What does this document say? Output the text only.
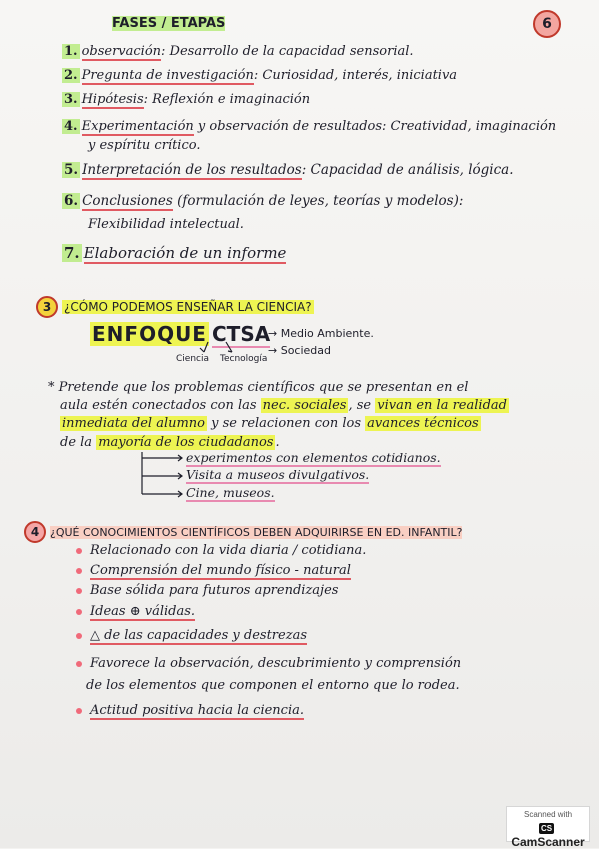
6
FASES / ETAPAS
1. observación: Desarrollo de la capacidad sensorial.
2. Pregunta de investigación: Curiosidad, interés, iniciativa
3. Hipótesis: Reflexión e imaginación
4. Experimentación y observación de resultados: Creatividad, imaginación
y espíritu crítico.
5. Interpretación de los resultados: Capacidad de análisis, lógica.
6. Conclusiones (formulación de leyes, teorías y modelos):
Flexibilidad intelectual.
7. Elaboración de un informe
3 ¿CÓMO PODEMOS ENSEÑAR LA CIENCIA?
ENFOQUE CTSA
→ Medio Ambiente.
→ Sociedad
Ciencia Tecnología
* Pretende que los problemas científicos que se presentan en el
aula estén conectados con las nec. sociales , se vivan en la realidad
inmediata del alumno y se relacionen con los avances técnicos
de la mayoría de los ciudadanos .
experimentos con elementos cotidianos.
Visita a museos divulgativos.
Cine, museos.
4 ¿QUÉ CONOCIMIENTOS CIENTÍFICOS DEBEN ADQUIRIRSE EN ED. INFANTIL?
Relacionado con la vida diaria / cotidiana.
Comprensión del mundo físico - natural
Base sólida para futuros aprendizajes
Ideas ⊕ válidas.
△ de las capacidades y destrezas
Favorece la observación, descubrimiento y comprensión
de los elementos que componen el entorno que lo rodea.
Actitud positiva hacia la ciencia.
Scanned with
CSCamScanner
